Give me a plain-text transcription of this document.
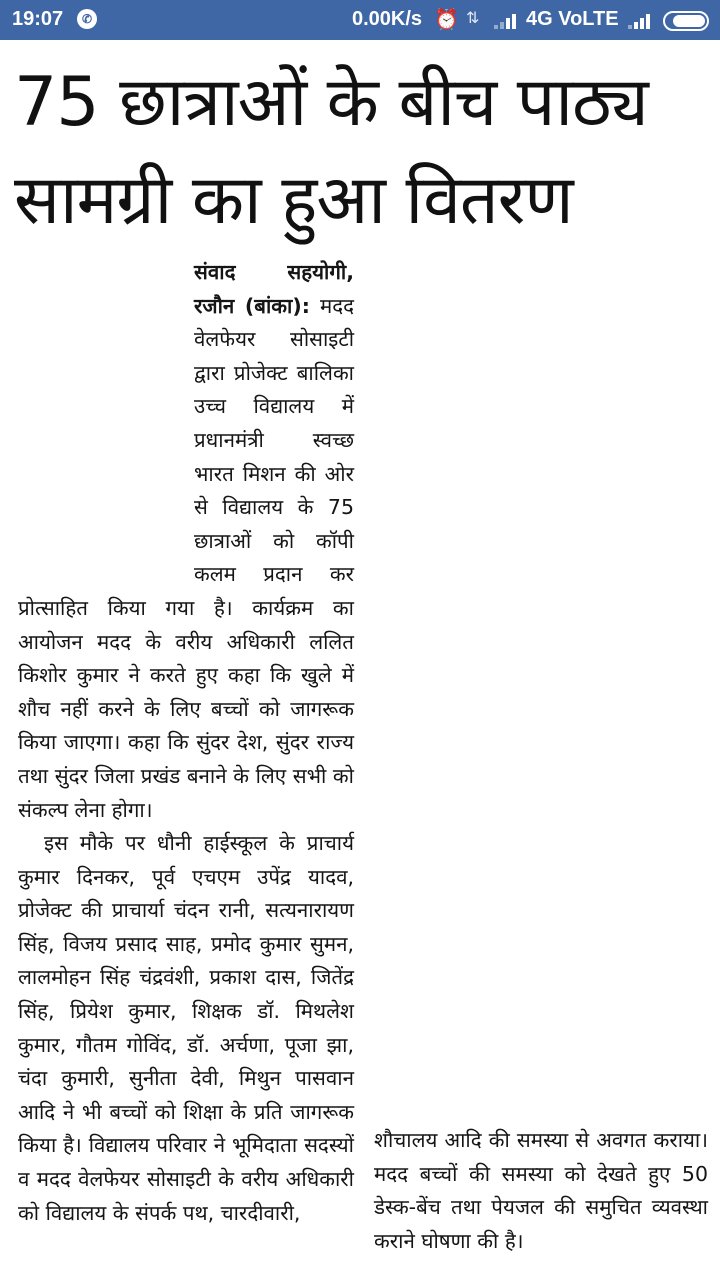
19:07	✆	0.00K/s ⏰ ⇅ 4G VoLTE
75 छात्राओं के बीच पाठ्य
सामग्री का हुआ वितरण

संवाद सहयोगी, रजौन (बांका): मदद वेलफेयर सोसाइटी द्वारा प्रोजेक्ट बालिका उच्च विद्यालय में प्रधानमंत्री स्वच्छ भारत मिशन की ओर से विद्यालय के 75 छात्राओं को कॉपी कलम प्रदान कर प्रोत्साहित किया गया है। कार्यक्रम का आयोजन मदद के वरीय अधिकारी ललित किशोर कुमार ने करते हुए कहा कि खुले में शौच नहीं करने के लिए बच्चों को जागरूक किया जाएगा। कहा कि सुंदर देश, सुंदर राज्य तथा सुंदर जिला प्रखंड बनाने के लिए सभी को संकल्प लेना होगा।

इस मौके पर धौनी हाईस्कूल के प्राचार्य कुमार दिनकर, पूर्व एचएम उपेंद्र यादव, प्रोजेक्ट की प्राचार्या चंदन रानी, सत्यनारायण सिंह, विजय प्रसाद साह, प्रमोद कुमार सुमन, लालमोहन सिंह चंद्रवंशी, प्रकाश दास, जितेंद्र सिंह, प्रियेश कुमार, शिक्षक डॉ. मिथलेश कुमार, गौतम गोविंद, डॉ. अर्चणा, पूजा झा, चंदा कुमारी, सुनीता देवी, मिथुन पासवान आदि ने भी बच्चों को शिक्षा के प्रति जागरूक किया है। विद्यालय परिवार ने भूमिदाता सदस्यों व मदद वेलफेयर सोसाइटी के वरीय अधिकारी को विद्यालय के संपर्क पथ, चारदीवारी,

शौचालय आदि की समस्या से अवगत कराया। मदद बच्चों की समस्या को देखते हुए 50 डेस्क-बेंच तथा पेयजल की समुचित व्यवस्था कराने घोषणा की है।
